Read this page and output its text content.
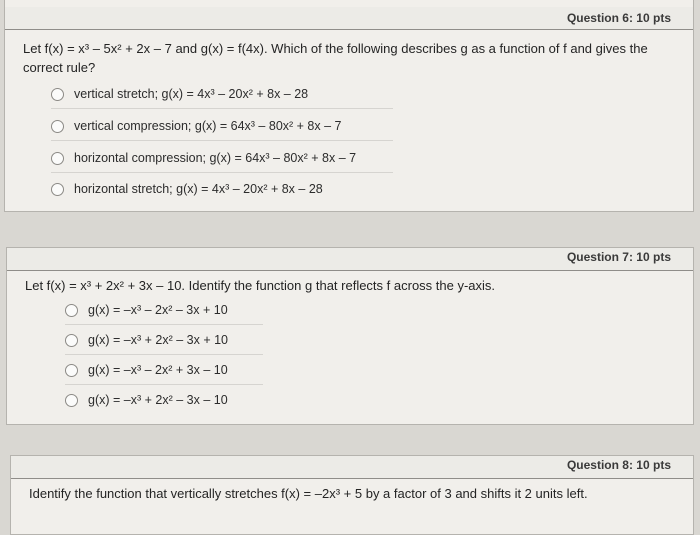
Question 6: 10 pts
Let f(x) = x³ – 5x² + 2x – 7 and g(x) = f(4x). Which of the following describes g as a function of f and gives the correct rule?
vertical stretch; g(x) = 4x³ – 20x² + 8x – 28
vertical compression; g(x) = 64x³ – 80x² + 8x – 7
horizontal compression; g(x) = 64x³ – 80x² + 8x – 7
horizontal stretch; g(x) = 4x³ – 20x² + 8x – 28
Question 7: 10 pts
Let f(x) = x³ + 2x² + 3x – 10. Identify the function g that reflects f across the y-axis.
g(x) = –x³ – 2x² – 3x + 10
g(x) = –x³ + 2x² – 3x + 10
g(x) = –x³ – 2x² + 3x – 10
g(x) = –x³ + 2x² – 3x – 10
Question 8: 10 pts
Identify the function that vertically stretches f(x) = –2x³ + 5 by a factor of 3 and shifts it 2 units left.
